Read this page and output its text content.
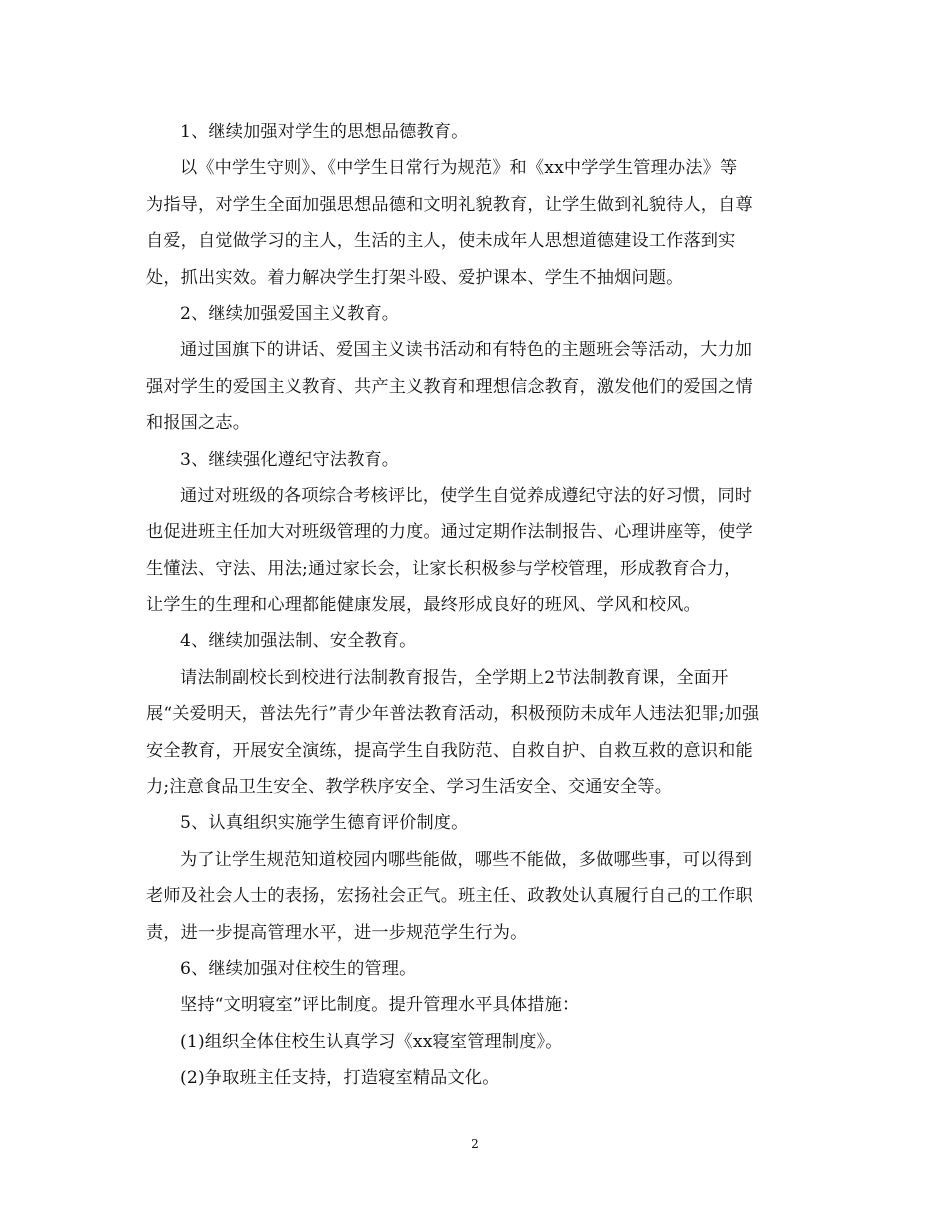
1、继续加强对学生的思想品德教育。
以《中学生守则》、《中学生日常行为规范》和《xx中学学生管理办法》等
为指导，对学生全面加强思想品德和文明礼貌教育，让学生做到礼貌待人，自尊
自爱，自觉做学习的主人，生活的主人，使未成年人思想道德建设工作落到实
处，抓出实效。着力解决学生打架斗殴、爱护课本、学生不抽烟问题。
2、继续加强爱国主义教育。
通过国旗下的讲话、爱国主义读书活动和有特色的主题班会等活动，大力加
强对学生的爱国主义教育、共产主义教育和理想信念教育，激发他们的爱国之情
和报国之志。
3、继续强化遵纪守法教育。
通过对班级的各项综合考核评比，使学生自觉养成遵纪守法的好习惯，同时
也促进班主任加大对班级管理的力度。通过定期作法制报告、心理讲座等，使学
生懂法、守法、用法;通过家长会，让家长积极参与学校管理，形成教育合力，
让学生的生理和心理都能健康发展，最终形成良好的班风、学风和校风。
4、继续加强法制、安全教育。
请法制副校长到校进行法制教育报告，全学期上2节法制教育课，全面开
展“关爱明天，普法先行”青少年普法教育活动，积极预防未成年人违法犯罪;加强
安全教育，开展安全演练，提高学生自我防范、自救自护、自救互救的意识和能
力;注意食品卫生安全、教学秩序安全、学习生活安全、交通安全等。
5、认真组织实施学生德育评价制度。
为了让学生规范知道校园内哪些能做，哪些不能做，多做哪些事，可以得到
老师及社会人士的表扬，宏扬社会正气。班主任、政教处认真履行自己的工作职
责，进一步提高管理水平，进一步规范学生行为。
6、继续加强对住校生的管理。
坚持“文明寝室”评比制度。提升管理水平具体措施：
(1)组织全体住校生认真学习《xx寝室管理制度》。
(2)争取班主任支持，打造寝室精品文化。
2
